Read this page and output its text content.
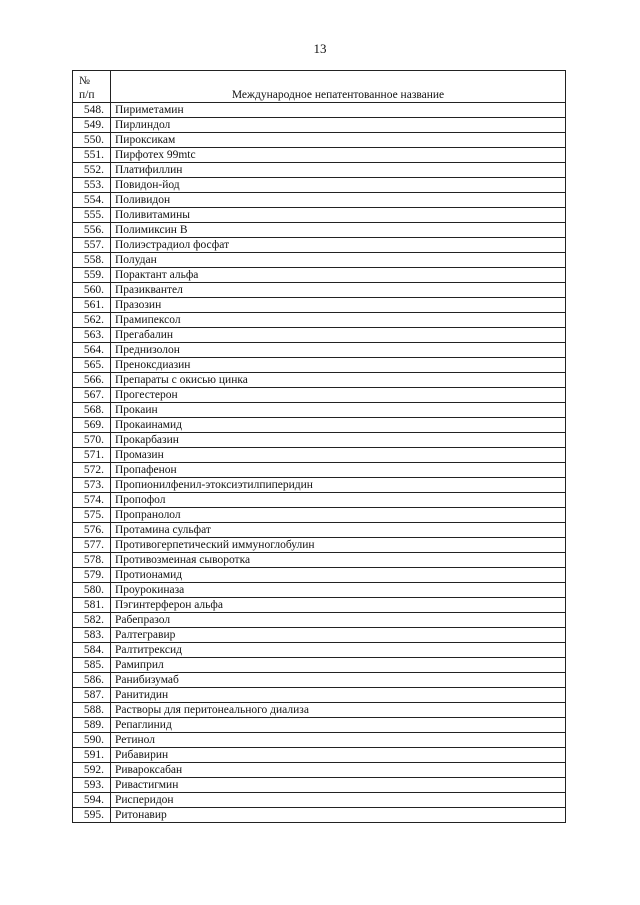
13
№
п/п	Международное непатентованное название
548.	Пириметамин
549.	Пирлиндол
550.	Пироксикам
551.	Пирфотех 99mtc
552.	Платифиллин
553.	Повидон-йод
554.	Поливидон
555.	Поливитамины
556.	Полимиксин В
557.	Полиэстрадиол фосфат
558.	Полудан
559.	Порактант альфа
560.	Празиквантел
561.	Празозин
562.	Прамипексол
563.	Прегабалин
564.	Преднизолон
565.	Преноксдиазин
566.	Препараты с окисью цинка
567.	Прогестерон
568.	Прокаин
569.	Прокаинамид
570.	Прокарбазин
571.	Промазин
572.	Пропафенон
573.	Пропионилфенил-этоксиэтилпиперидин
574.	Пропофол
575.	Пропранолол
576.	Протамина сульфат
577.	Противогерпетический иммуноглобулин
578.	Противозмеиная сыворотка
579.	Протионамид
580.	Проурокиназа
581.	Пэгинтерферон альфа
582.	Рабепразол
583.	Ралтегравир
584.	Ралтитрексид
585.	Рамиприл
586.	Ранибизумаб
587.	Ранитидин
588.	Растворы для перитонеального диализа
589.	Репаглинид
590.	Ретинол
591.	Рибавирин
592.	Ривароксабан
593.	Ривастигмин
594.	Рисперидон
595.	Ритонавир
